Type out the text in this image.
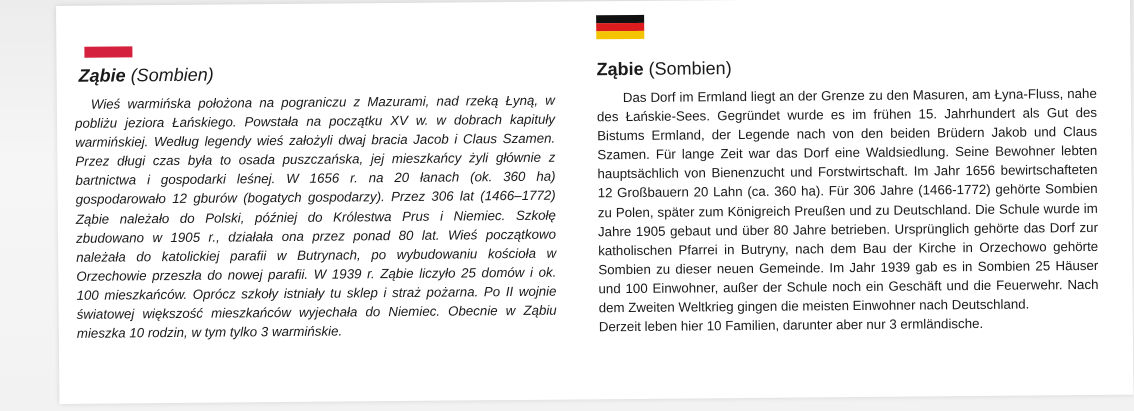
Ząbie (Sombien)
Wieś warmińska położona na pograniczu z Mazurami, nad rzeką Łyną, w pobliżu jeziora Łańskiego. Powstała na początku XV w. w dobrach kapituły warmińskiej. Według legendy wieś założyli dwaj bracia Jacob i Claus Szamen. Przez długi czas była to osada puszczańska, jej mieszkańcy żyli głównie z bartnictwa i gospodarki leśnej. W 1656 r. na 20 łanach (ok. 360 ha) gospodarowało 12 gburów (bogatych gospodarzy). Przez 306 lat (1466–1772) Ząbie należało do Polski, później do Królestwa Prus i Niemiec. Szkołę zbudowano w 1905 r., działała ona przez ponad 80 lat. Wieś początkowo należała do katolickiej parafii w Butrynach, po wybudowaniu kościoła w Orzechowie przeszła do nowej parafii. W 1939 r. Ząbie liczyło 25 domów i ok. 100 mieszkańców. Oprócz szkoły istniały tu sklep i straż pożarna. Po II wojnie światowej większość mieszkańców wyjechała do Niemiec. Obecnie w Ząbiu mieszka 10 rodzin, w tym tylko 3 warmińskie.
Ząbie (Sombien)
Das Dorf im Ermland liegt an der Grenze zu den Masuren, am Łyna-Fluss, nahe des Łańskie-Sees. Gegründet wurde es im frühen 15. Jahrhundert als Gut des Bistums Ermland, der Legende nach von den beiden Brüdern Jakob und Claus Szamen. Für lange Zeit war das Dorf eine Waldsiedlung. Seine Bewohner lebten hauptsächlich von Bienenzucht und Forstwirtschaft. Im Jahr 1656 bewirtschafteten 12 Großbauern 20 Lahn (ca. 360 ha). Für 306 Jahre (1466-1772) gehörte Sombien zu Polen, später zum Königreich Preußen und zu Deutschland. Die Schule wurde im Jahre 1905 gebaut und über 80 Jahre betrieben. Ursprünglich gehörte das Dorf zur katholischen Pfarrei in Butryny, nach dem Bau der Kirche in Orzechowo gehörte Sombien zu dieser neuen Gemeinde. Im Jahr 1939 gab es in Sombien 25 Häuser und 100 Einwohner, außer der Schule noch ein Geschäft und die Feuerwehr. Nach dem Zweiten Weltkrieg gingen die meisten Einwohner nach Deutschland.
Derzeit leben hier 10 Familien, darunter aber nur 3 ermländische.
